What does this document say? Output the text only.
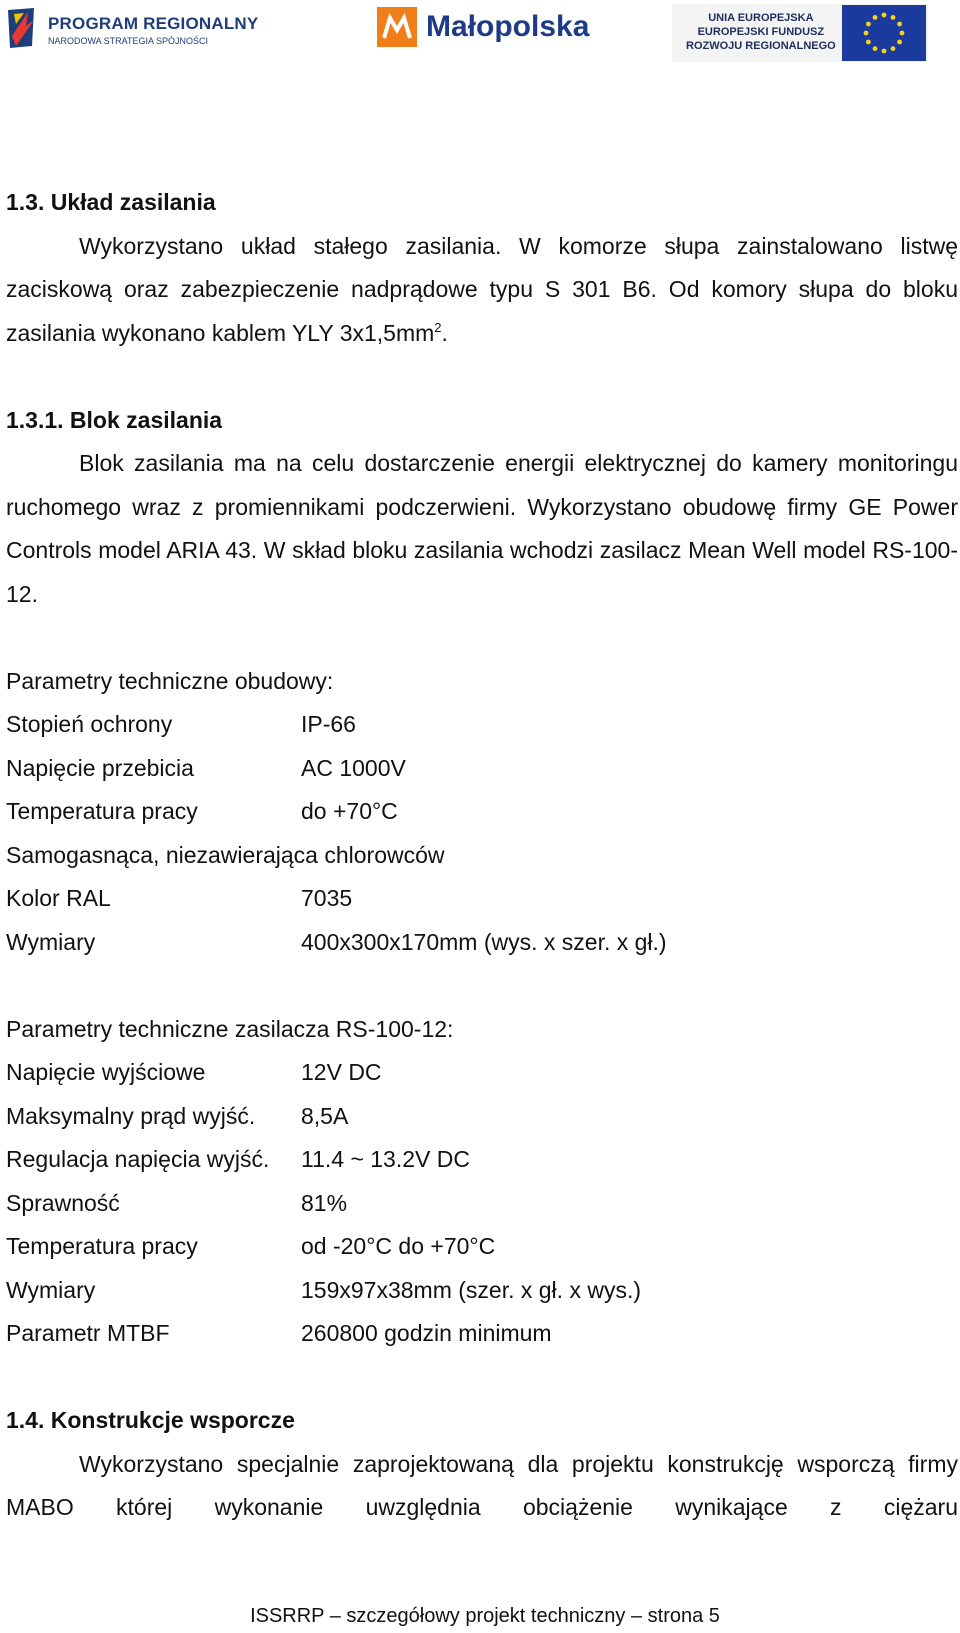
PROGRAM REGIONALNY
NARODOWA STRATEGIA SPÓJNOŚCI	Małopolska	UNIA EUROPEJSKA
EUROPEJSKI FUNDUSZ
ROZWOJU REGIONALNEGO
1.3. Układ zasilania

Wykorzystano układ stałego zasilania. W komorze słupa zainstalowano listwę zaciskową oraz zabezpieczenie nadprądowe typu S 301 B6. Od komory słupa do bloku zasilania wykonano kablem YLY $3x1,5mm^2$.

1.3.1. Blok zasilania

Blok zasilania ma na celu dostarczenie energii elektrycznej do kamery monitoringu ruchomego wraz z promiennikami podczerwieni. Wykorzystano obudowę firmy GE Power Controls model ARIA 43. W skład bloku zasilania wchodzi zasilacz Mean Well model RS-100-12.

Parametry techniczne obudowy:

Stopień ochrony	IP-66
Napięcie przebicia	AC 1000V
Temperatura pracy	do +70°C

Samogasnąca, niezawierająca chlorowców

Kolor RAL	7035
Wymiary	400x300x170mm (wys. x szer. x gł.)

Parametry techniczne zasilacza RS-100-12:

Napięcie wyjściowe	12V DC
Maksymalny prąd wyjść.	8,5A
Regulacja napięcia wyjść.	11.4 ~ 13.2V DC
Sprawność	81%
Temperatura pracy	od -20°C do +70°C
Wymiary	159x97x38mm (szer. x gł. x wys.)
Parametr MTBF	260800 godzin minimum
1.4. Konstrukcje wsporcze

Wykorzystano specjalnie zaprojektowaną dla projektu konstrukcję wsporczą firmy MABO której wykonanie uwzględnia obciążenie wynikające z ciężaru

ISSRRP – szczegółowy projekt techniczny – strona 5
